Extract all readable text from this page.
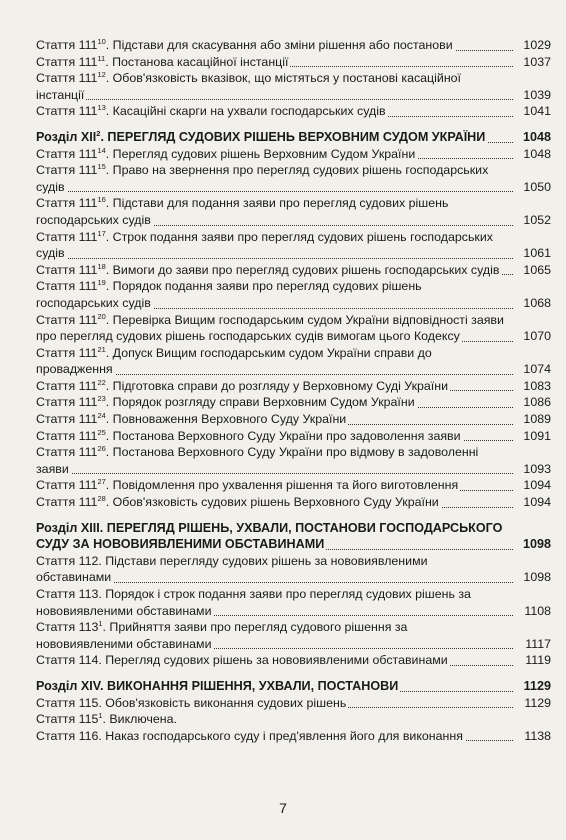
Стаття $111^{10}$. Підстави для скасування або зміни рішення або постанови	1029
Стаття $111^{11}$. Постанова касаційної інстанції	1037
Стаття $111^{12}$. Обов'язковість вказівок, що містяться у постанові касаційної інстанції	1039
Стаття $111^{13}$. Касаційні скарги на ухвали господарських судів	1041
Розділ XII$^2$. ПЕРЕГЛЯД СУДОВИХ РІШЕНЬ ВЕРХОВНИМ СУДОМ УКРАЇНИ	1048
Стаття $111^{14}$. Перегляд судових рішень Верховним Судом України	1048
Стаття $111^{15}$. Право на звернення про перегляд судових рішень господарських судів	1050
Стаття $111^{16}$. Підстави для подання заяви про перегляд судових рішень господарських судів	1052
Стаття $111^{17}$. Строк подання заяви про перегляд судових рішень господарських судів	1061
Стаття $111^{18}$. Вимоги до заяви про перегляд судових рішень господарських судів	1065
Стаття $111^{19}$. Порядок подання заяви про перегляд судових рішень господарських судів	1068
Стаття $111^{20}$. Перевірка Вищим господарським судом України відповідності заяви про перегляд судових рішень господарських судів вимогам цього Кодексу	1070
Стаття $111^{21}$. Допуск Вищим господарським судом України справи до провадження	1074
Стаття $111^{22}$. Підготовка справи до розгляду у Верховному Суді України	1083
Стаття $111^{23}$. Порядок розгляду справи Верховним Судом України	1086
Стаття $111^{24}$. Повноваження Верховного Суду України	1089
Стаття $111^{25}$. Постанова Верховного Суду України про задоволення заяви	1091
Стаття $111^{26}$. Постанова Верховного Суду України про відмову в задоволенні заяви	1093
Стаття $111^{27}$. Повідомлення про ухвалення рішення та його виготовлення	1094
Стаття $111^{28}$. Обов'язковість судових рішень Верховного Суду України	1094
Розділ XIII. ПЕРЕГЛЯД РІШЕНЬ, УХВАЛИ, ПОСТАНОВИ ГОСПОДАРСЬКОГО СУДУ ЗА НОВОВИЯВЛЕНИМИ ОБСТАВИНАМИ	1098
Стаття 112. Підстави перегляду судових рішень за нововиявленими обставинами	1098
Стаття 113. Порядок і строк подання заяви про перегляд судових рішень за нововиявленими обставинами	1108
Стаття $113^1$. Прийняття заяви про перегляд судового рішення за нововиявленими обставинами	1117
Стаття 114. Перегляд судових рішень за нововиявленими обставинами	1119
Розділ XIV. ВИКОНАННЯ РІШЕННЯ, УХВАЛИ, ПОСТАНОВИ	1129
Стаття 115. Обов'язковість виконання судових рішень	1129
Стаття $115^1$. Виключена.
Стаття 116. Наказ господарського суду і пред'явлення його для виконання	1138
7
